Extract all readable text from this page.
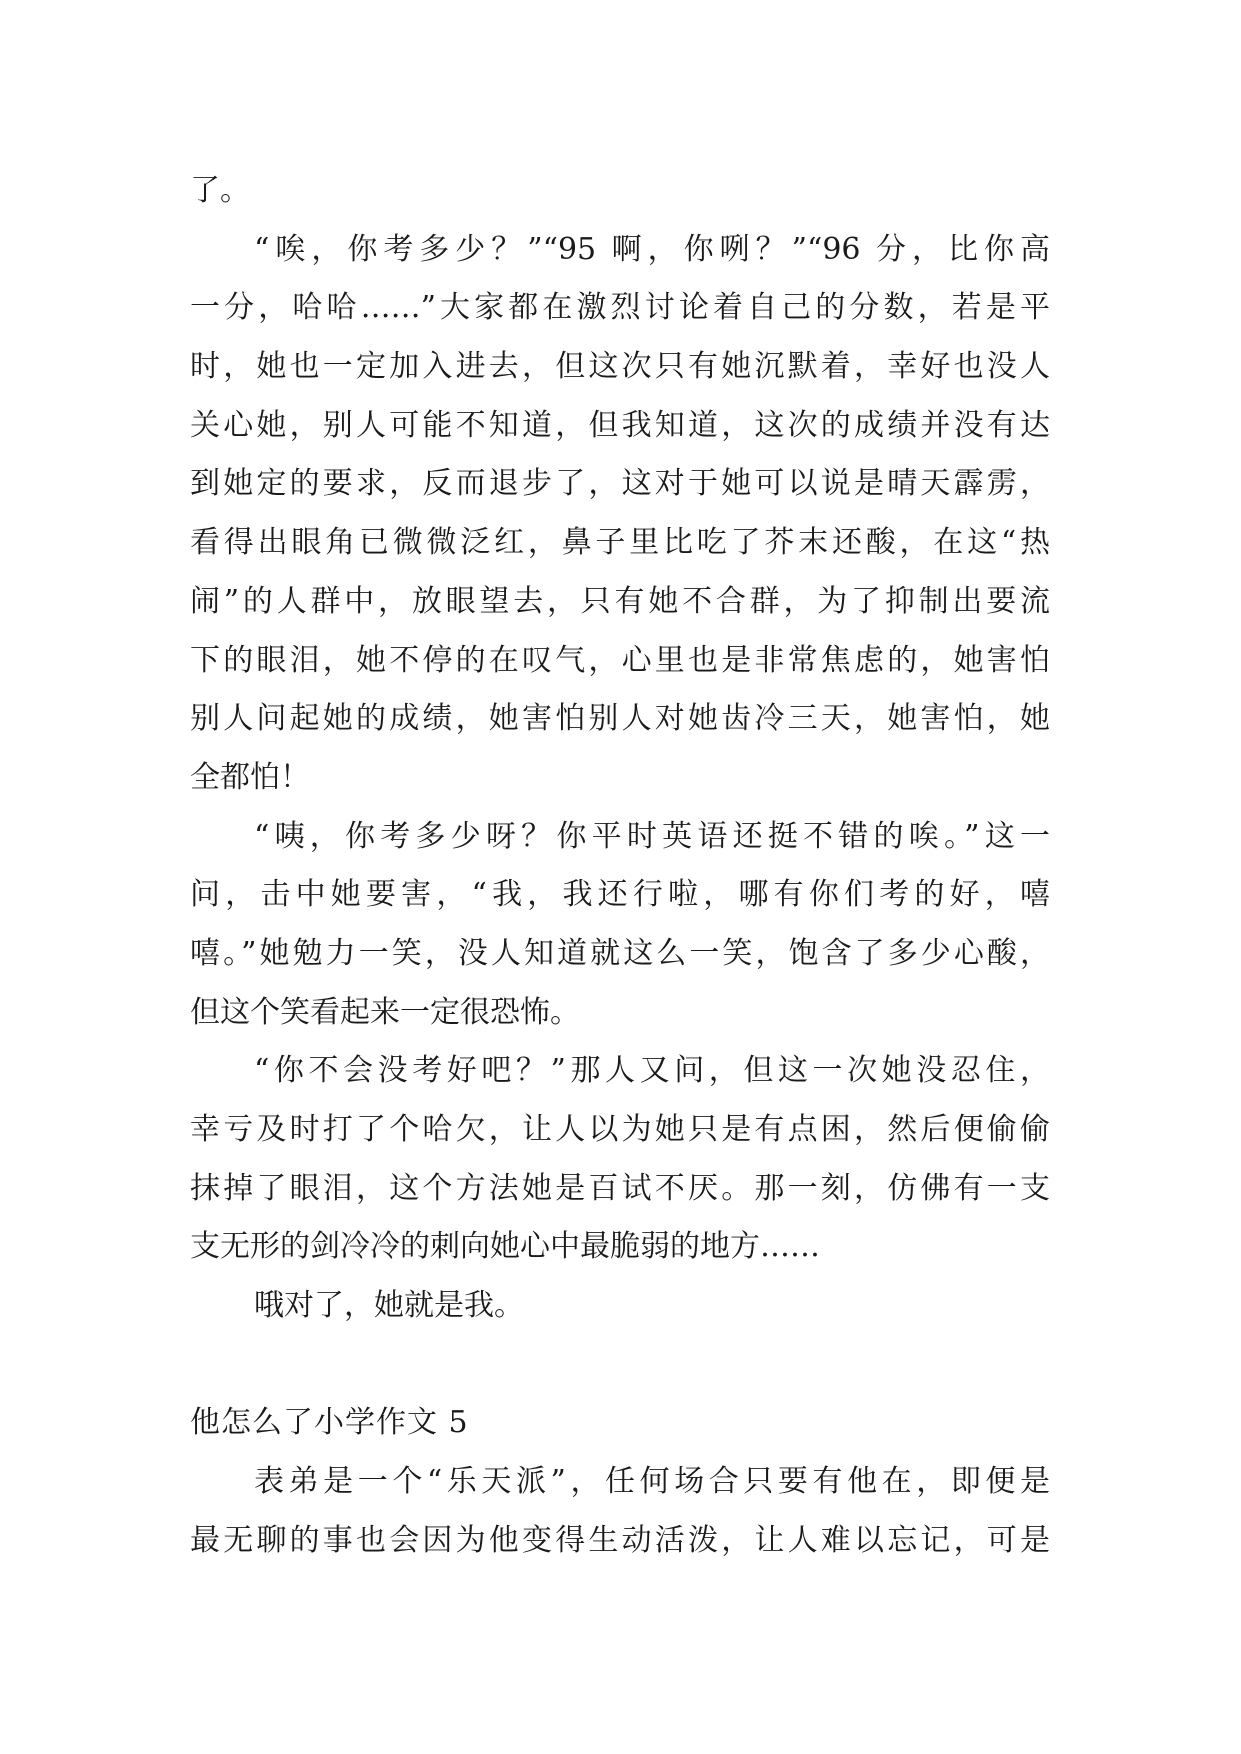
了。
“唉，你考多少？”“95 啊，你咧？”“96 分，比你高
一分，哈哈……”大家都在激烈讨论着自己的分数，若是平
时，她也一定加入进去，但这次只有她沉默着，幸好也没人
关心她，别人可能不知道，但我知道，这次的成绩并没有达
到她定的要求，反而退步了，这对于她可以说是晴天霹雳，
看得出眼角已微微泛红，鼻子里比吃了芥末还酸，在这“热
闹”的人群中，放眼望去，只有她不合群，为了抑制出要流
下的眼泪，她不停的在叹气，心里也是非常焦虑的，她害怕
别人问起她的成绩，她害怕别人对她齿冷三天，她害怕，她
全都怕！
“咦，你考多少呀？你平时英语还挺不错的唉。”这一
问，击中她要害，“我，我还行啦，哪有你们考的好，嘻
嘻。”她勉力一笑，没人知道就这么一笑，饱含了多少心酸，
但这个笑看起来一定很恐怖。
“你不会没考好吧？”那人又问，但这一次她没忍住，
幸亏及时打了个哈欠，让人以为她只是有点困，然后便偷偷
抹掉了眼泪，这个方法她是百试不厌。那一刻，仿佛有一支
支无形的剑冷冷的刺向她心中最脆弱的地方……
哦对了，她就是我。
他怎么了小学作文 5
表弟是一个“乐天派”，任何场合只要有他在，即便是
最无聊的事也会因为他变得生动活泼，让人难以忘记，可是
